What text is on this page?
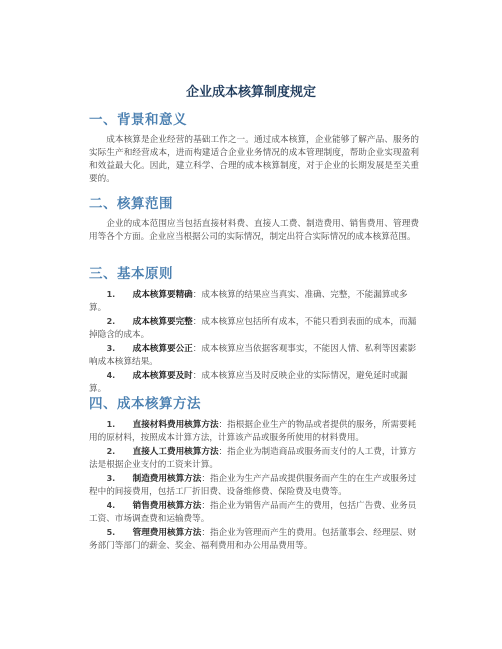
企业成本核算制度规定
一、背景和意义

成本核算是企业经营的基础工作之一。通过成本核算，企业能够了解产品、服务的实际生产和经营成本，进而构建适合企业业务情况的成本管理制度，帮助企业实现盈利和效益最大化。因此，建立科学、合理的成本核算制度，对于企业的长期发展是至关重要的。

二、核算范围

企业的成本范围应当包括直接材料费、直接人工费、制造费用、销售费用、管理费用等各个方面。企业应当根据公司的实际情况，制定出符合实际情况的成本核算范围。

三、基本原则

1. 成本核算要精确：成本核算的结果应当真实、准确、完整，不能漏算或多算。

2. 成本核算要完整：成本核算应包括所有成本，不能只看到表面的成本，而漏掉隐含的成本。

3. 成本核算要公正：成本核算应当依据客观事实，不能因人情、私利等因素影响成本核算结果。

4. 成本核算要及时：成本核算应当及时反映企业的实际情况，避免延时或漏算。

四、成本核算方法

1. 直接材料费用核算方法：指根据企业生产的物品或者提供的服务，所需要耗用的原材料，按照成本计算方法，计算该产品或服务所使用的材料费用。

2. 直接人工费用核算方法：指企业为制造商品或服务而支付的人工费，计算方法是根据企业支付的工资来计算。

3. 制造费用核算方法：指企业为生产产品或提供服务而产生的在生产或服务过程中的间接费用，包括工厂折旧费、设备维修费、保险费及电费等。

4. 销售费用核算方法：指企业为销售产品而产生的费用，包括广告费、业务员工资、市场调查费和运输费等。

5. 管理费用核算方法：指企业为管理而产生的费用。包括董事会、经理层、财务部门等部门的薪金、奖金、福利费用和办公用品费用等。
